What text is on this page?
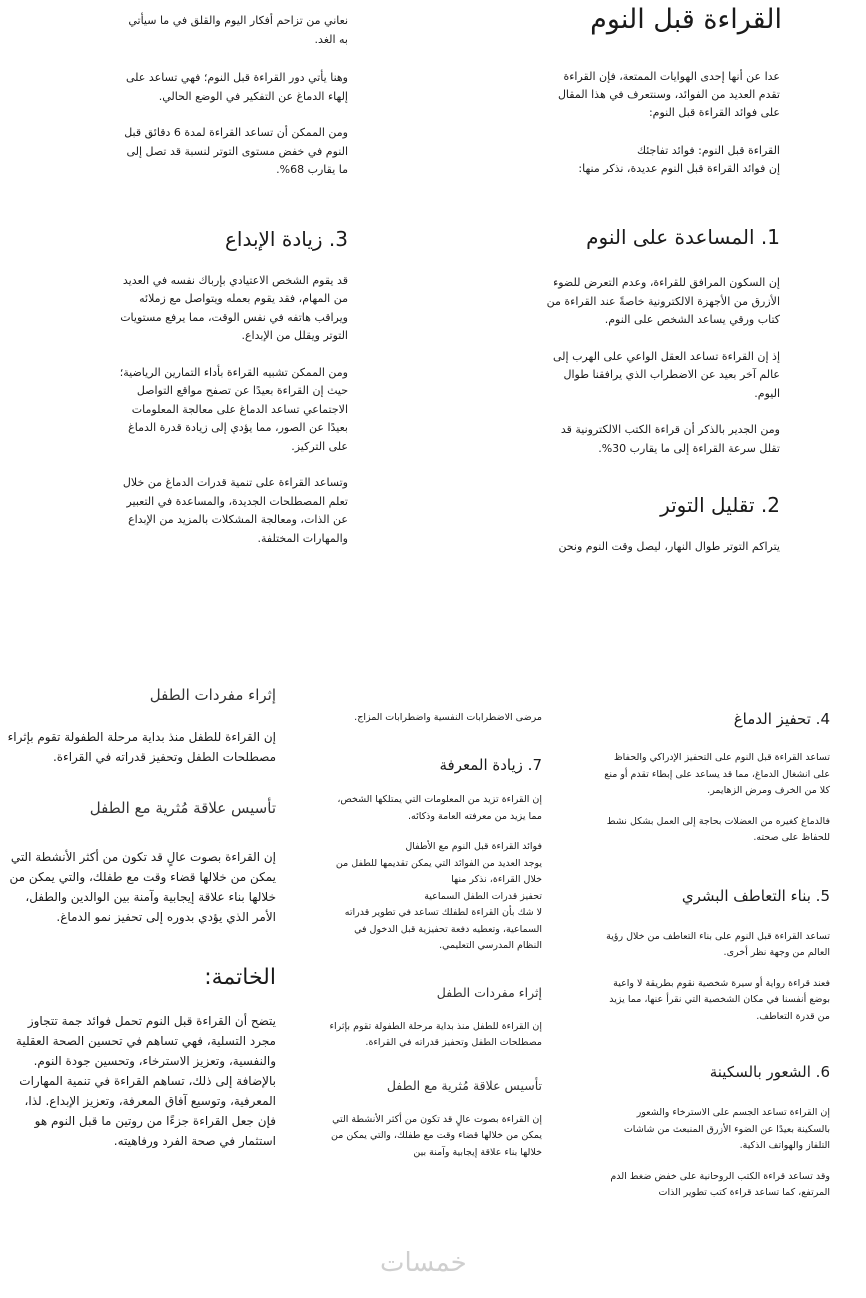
القراءة قبل النوم

عدا عن أنها إحدى الهوايات الممتعة، فإن القراءة تقدم العديد من الفوائد، وسنتعرف في هذا المقال على فوائد القراءة قبل النوم:

القراءة قبل النوم: فوائد تفاجئك

إن فوائد القراءة قبل النوم عديدة، نذكر منها:

1. المساعدة على النوم

إن السكون المرافق للقراءة، وعدم التعرض للضوء الأزرق من الأجهزة الالكترونية خاصةً عند القراءة من كتاب ورقي يساعد الشخص على النوم.

إذ إن القراءة تساعد العقل الواعي على الهرب إلى عالم آخر بعيد عن الاضطراب الذي يرافقنا طوال اليوم.

ومن الجدير بالذكر أن قراءة الكتب الالكترونية قد تقلل سرعة القراءة إلى ما يقارب 30%.

2. تقليل التوتر

يتراكم التوتر طوال النهار، ليصل وقت النوم ونحن

نعاني من تزاحم أفكار اليوم والقلق في ما سيأتي به الغد.

وهنا يأتي دور القراءة قبل النوم؛ فهي تساعد على إلهاء الدماغ عن التفكير في الوضع الحالي.

ومن الممكن أن تساعد القراءة لمدة 6 دقائق قبل النوم في خفض مستوى التوتر لنسبة قد تصل إلى ما يقارب 68%.

3. زيادة الإبداع

قد يقوم الشخص الاعتيادي بإرباك نفسه في العديد من المهام، فقد يقوم بعمله ويتواصل مع زملائه ويراقب هاتفه في نفس الوقت، مما يرفع مستويات التوتر ويقلل من الإبداع.

ومن الممكن تشبيه القراءة بأداء التمارين الرياضية؛ حيث إن القراءة بعيدًا عن تصفح مواقع التواصل الاجتماعي تساعد الدماغ على معالجة المعلومات بعيدًا عن الصور، مما يؤدي إلى زيادة قدرة الدماغ على التركيز.

وتساعد القراءة على تنمية قدرات الدماغ من خلال تعلم المصطلحات الجديدة، والمساعدة في التعبير عن الذات، ومعالجة المشكلات بالمزيد من الإبداع والمهارات المختلفة.

4. تحفيز الدماغ

تساعد القراءة قبل النوم على التحفيز الإدراكي والحفاظ على انشغال الدماغ، مما قد يساعد على إبطاء تقدم أو منع كلا من الخرف ومرض الزهايمر.

فالدماغ كغيره من العضلات بحاجة إلى العمل بشكل نشط للحفاظ على صحته.

5. بناء التعاطف البشري

تساعد القراءة قبل النوم على بناء التعاطف من خلال رؤية العالم من وجهة نظر أخرى.

فعند قراءة رواية أو سيرة شخصية نقوم بطريقة لا واعية بوضع أنفسنا في مكان الشخصية التي نقرأ عنها، مما يزيد من قدرة التعاطف.

6. الشعور بالسكينة

إن القراءة تساعد الجسم على الاسترخاء والشعور بالسكينة بعيدًا عن الضوء الأزرق المنبعث من شاشات التلفاز والهواتف الذكية.

وقد تساعد قراءة الكتب الروحانية على خفض ضغط الدم المرتفع، كما تساعد قراءة كتب تطوير الذات

مرضى الاضطرابات النفسية واضطرابات المزاج.

7. زيادة المعرفة

إن القراءة تزيد من المعلومات التي يمتلكها الشخص، مما يزيد من معرفته العامة وذكائه.

فوائد القراءة قبل النوم مع الأطفال

يوجد العديد من الفوائد التي يمكن تقديمها للطفل من خلال القراءة، نذكر منها

تحفيز قدرات الطفل السماعية

لا شك بأن القراءة لطفلك تساعد في تطوير قدراته السماعية، وتعطيه دفعة تحفيزية قبل الدخول في النظام المدرسي التعليمي.

إثراء مفردات الطفل

إن القراءة للطفل منذ بداية مرحلة الطفولة تقوم بإثراء مصطلحات الطفل وتحفيز قدراته في القراءة.

تأسيس علاقة مُثرية مع الطفل

إن القراءة بصوت عالٍ قد تكون من أكثر الأنشطة التي يمكن من خلالها قضاء وقت مع طفلك، والتي يمكن من خلالها بناء علاقة إيجابية وآمنة بين

إثراء مفردات الطفل

إن القراءة للطفل منذ بداية مرحلة الطفولة تقوم بإثراء مصطلحات الطفل وتحفيز قدراته في القراءة.

تأسيس علاقة مُثرية مع الطفل

إن القراءة بصوت عالٍ قد تكون من أكثر الأنشطة التي يمكن من خلالها قضاء وقت مع طفلك، والتي يمكن من خلالها بناء علاقة إيجابية وآمنة بين الوالدين والطفل، الأمر الذي يؤدي بدوره إلى تحفيز نمو الدماغ.

الخاتمة:

يتضح أن القراءة قبل النوم تحمل فوائد جمة تتجاوز مجرد التسلية، فهي تساهم في تحسين الصحة العقلية والنفسية، وتعزيز الاسترخاء، وتحسين جودة النوم. بالإضافة إلى ذلك، تساهم القراءة في تنمية المهارات المعرفية، وتوسيع آفاق المعرفة، وتعزيز الإبداع. لذا، فإن جعل القراءة جزءًا من روتين ما قبل النوم هو استثمار في صحة الفرد ورفاهيته.

خمسات
